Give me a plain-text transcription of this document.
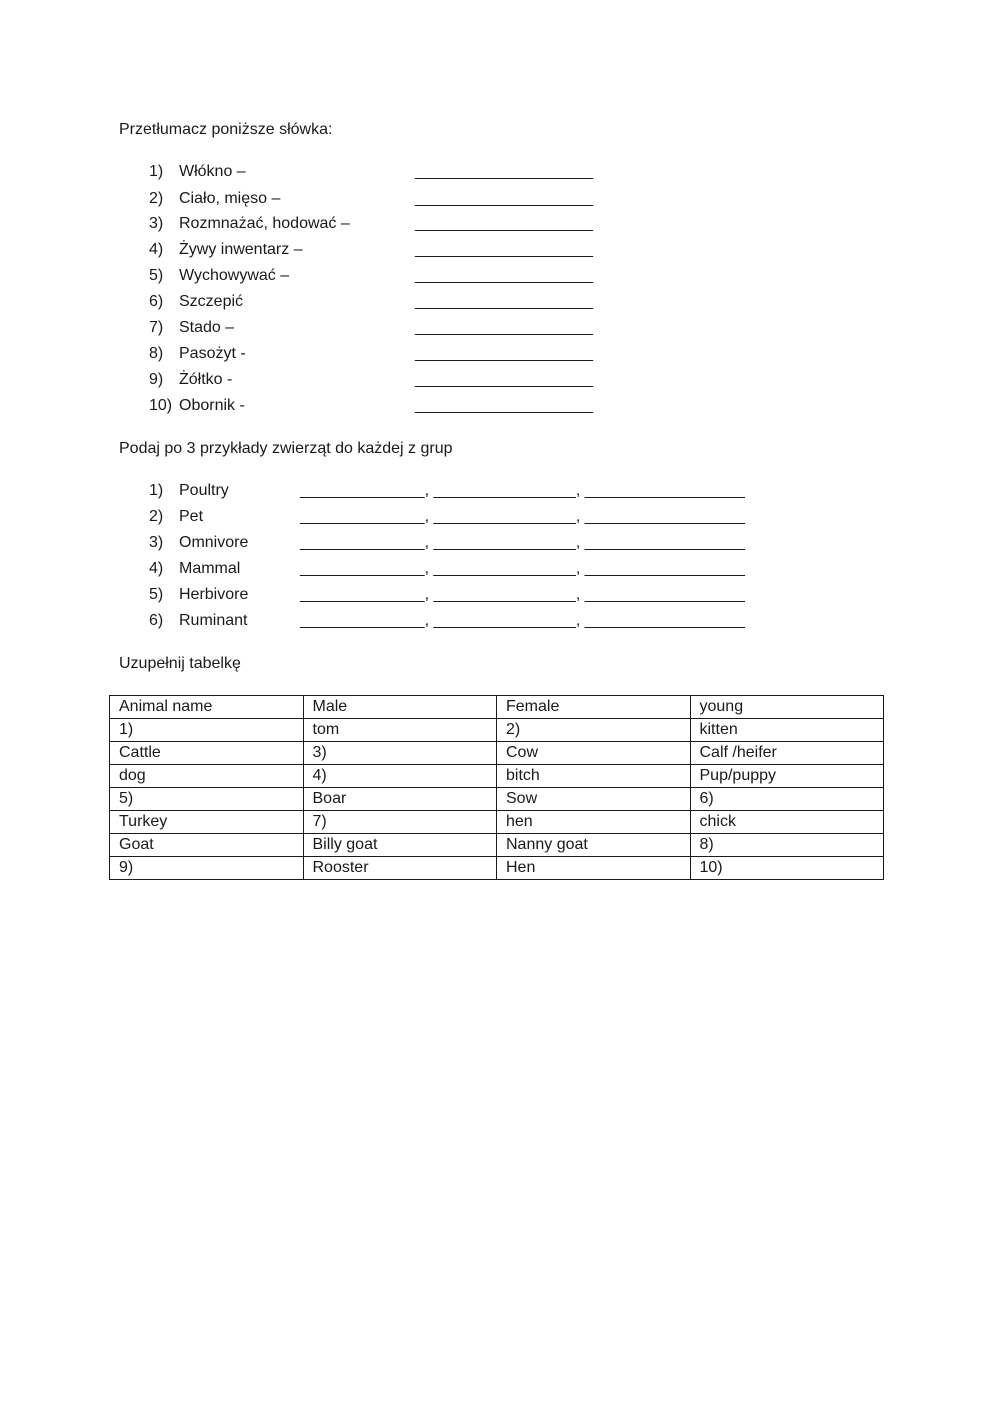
Przetłumacz poniższe słówka:
1) Włókno –	____________________
2) Ciało, mięso –	____________________
3) Rozmnażać, hodować –	____________________
4) Żywy inwentarz –	____________________
5) Wychowywać –	____________________
6) Szczepić	____________________
7) Stado –	____________________
8) Pasożyt -	____________________
9) Żółtko -	____________________
10) Obornik -	____________________
Podaj po 3 przykłady zwierząt do każdej z grup
1) Poultry	______________, ________________, __________________
2) Pet	______________, ________________, __________________
3) Omnivore	______________, ________________, __________________
4) Mammal	______________, ________________, __________________
5) Herbivore	______________, ________________, __________________
6) Ruminant	______________, ________________, __________________
Uzupełnij tabelkę
Animal name	Male	Female	young
1)	tom	2)	kitten
Cattle	3)	Cow	Calf /heifer
dog	4)	bitch	Pup/puppy
5)	Boar	Sow	6)
Turkey	7)	hen	chick
Goat	Billy goat	Nanny goat	8)
9)	Rooster	Hen	10)
